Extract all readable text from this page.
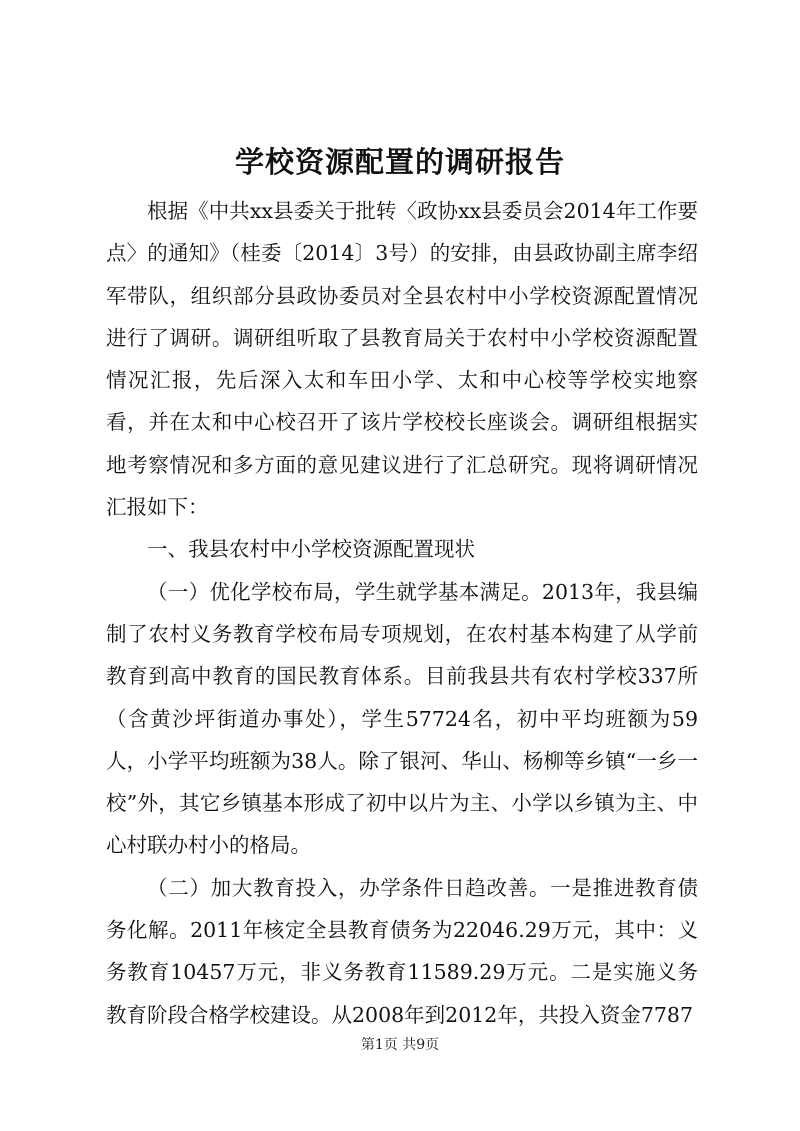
学校资源配置的调研报告

根据《中共xx县委关于批转〈政协xx县委员会2014年工作要点〉的通知》（桂委〔2014〕3号）的安排，由县政协副主席李绍军带队，组织部分县政协委员对全县农村中小学校资源配置情况进行了调研。调研组听取了县教育局关于农村中小学校资源配置情况汇报，先后深入太和车田小学、太和中心校等学校实地察看，并在太和中心校召开了该片学校校长座谈会。调研组根据实地考察情况和多方面的意见建议进行了汇总研究。现将调研情况汇报如下：

一、我县农村中小学校资源配置现状

（一）优化学校布局，学生就学基本满足。2013年，我县编制了农村义务教育学校布局专项规划，在农村基本构建了从学前教育到高中教育的国民教育体系。目前我县共有农村学校337所（含黄沙坪街道办事处），学生57724名，初中平均班额为59人，小学平均班额为38人。除了银河、华山、杨柳等乡镇“一乡一校”外，其它乡镇基本形成了初中以片为主、小学以乡镇为主、中心村联办村小的格局。

（二）加大教育投入，办学条件日趋改善。一是推进教育债务化解。2011年核定全县教育债务为22046.29万元，其中：义务教育10457万元，非义务教育11589.29万元。二是实施义务教育阶段合格学校建设。从2008年到2012年，共投入资金7787

第1页 共9页
